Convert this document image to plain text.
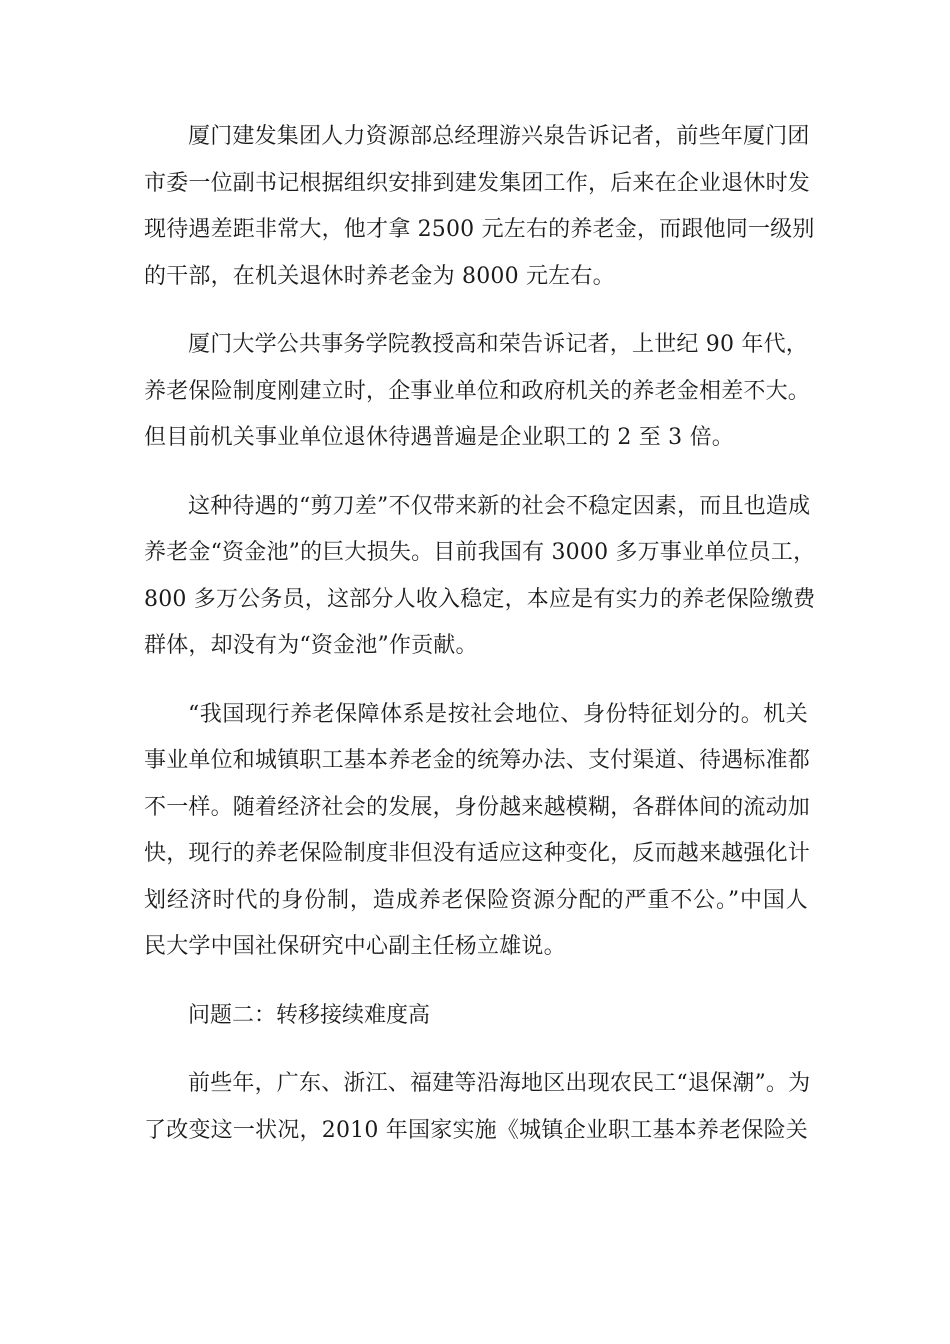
厦门建发集团人力资源部总经理游兴泉告诉记者，前些年厦门团
市委一位副书记根据组织安排到建发集团工作，后来在企业退休时发
现待遇差距非常大，他才拿 2500 元左右的养老金，而跟他同一级别
的干部，在机关退休时养老金为 8000 元左右。
厦门大学公共事务学院教授高和荣告诉记者，上世纪 90 年代，
养老保险制度刚建立时，企事业单位和政府机关的养老金相差不大。
但目前机关事业单位退休待遇普遍是企业职工的 2 至 3 倍。
这种待遇的“剪刀差”不仅带来新的社会不稳定因素，而且也造成
养老金“资金池”的巨大损失。目前我国有 3000 多万事业单位员工，
800 多万公务员，这部分人收入稳定，本应是有实力的养老保险缴费
群体，却没有为“资金池”作贡献。
“我国现行养老保障体系是按社会地位、身份特征划分的。机关
事业单位和城镇职工基本养老金的统筹办法、支付渠道、待遇标准都
不一样。随着经济社会的发展，身份越来越模糊，各群体间的流动加
快，现行的养老保险制度非但没有适应这种变化，反而越来越强化计
划经济时代的身份制，造成养老保险资源分配的严重不公。”中国人
民大学中国社保研究中心副主任杨立雄说。
问题二：转移接续难度高
前些年，广东、浙江、福建等沿海地区出现农民工“退保潮”。为
了改变这一状况，2010 年国家实施《城镇企业职工基本养老保险关
